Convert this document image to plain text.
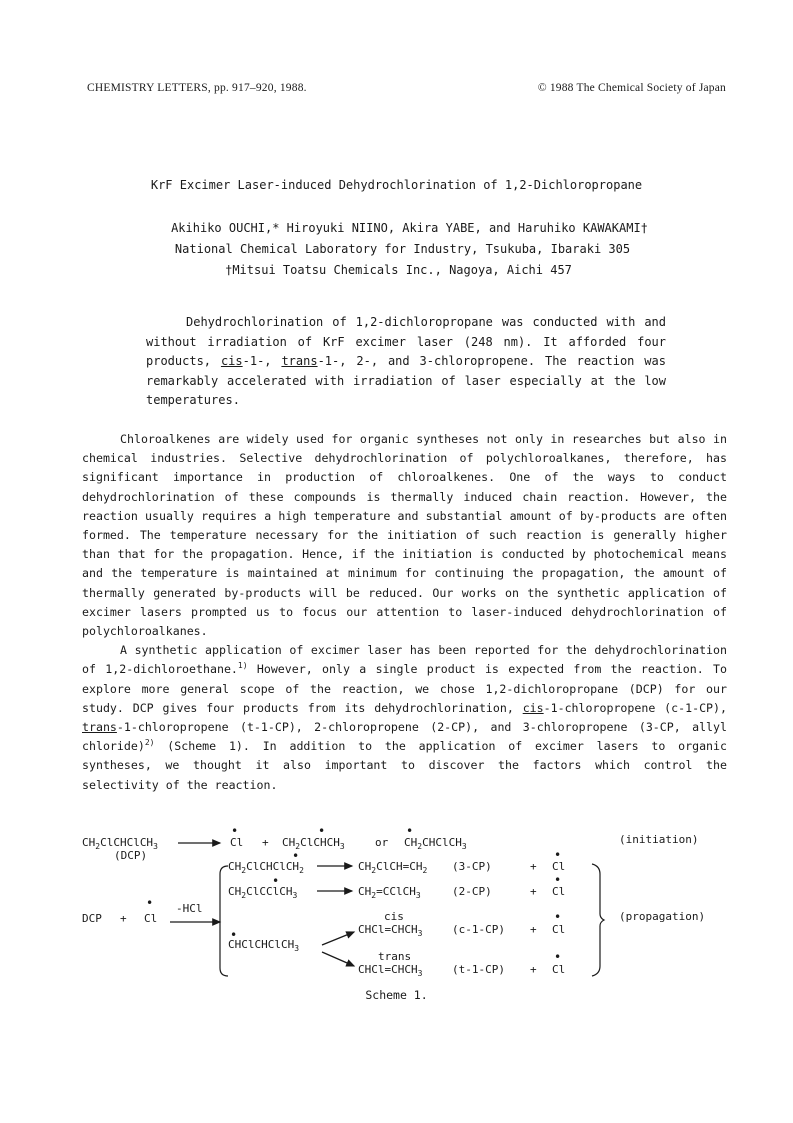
CHEMISTRY LETTERS, pp. 917–920, 1988.	© 1988 The Chemical Society of Japan
KrF Excimer Laser-induced Dehydrochlorination of 1,2-Dichloropropane
Akihiko OUCHI,* Hiroyuki NIINO, Akira YABE, and Haruhiko KAWAKAMI†
National Chemical Laboratory for Industry, Tsukuba, Ibaraki 305
†Mitsui Toatsu Chemicals Inc., Nagoya, Aichi 457

Dehydrochlorination of 1,2-dichloropropane was conducted with and without irradiation of KrF excimer laser (248 nm). It afforded four products, cis-1-, trans-1-, 2-, and 3-chloropropene. The reaction was remarkably accelerated with irradiation of laser especially at the low temperatures.

Chloroalkenes are widely used for organic syntheses not only in researches but also in chemical industries. Selective dehydrochlorination of polychloroalkanes, therefore, has significant importance in production of chloroalkenes. One of the ways to conduct dehydrochlorination of these compounds is thermally induced chain reaction. However, the reaction usually requires a high temperature and substantial amount of by-products are often formed. The temperature necessary for the initiation of such reaction is generally higher than that for the propagation. Hence, if the initiation is conducted by photochemical means and the temperature is maintained at minimum for continuing the propagation, the amount of thermally generated by-products will be reduced. Our works on the synthetic application of excimer lasers prompted us to focus our attention to laser-induced dehydrochlorination of polychloroalkanes.

A synthetic application of excimer laser has been reported for the dehydrochlorination of 1,2-dichloroethane.$^{1)}$ However, only a single product is expected from the reaction. To explore more general scope of the reaction, we chose 1,2-dichloropropane (DCP) for our study. DCP gives four products from its dehydrochlorination, cis-1-chloropropene (c-1-CP), trans-1-chloropropene (t-1-CP), 2-chloropropene (2-CP), and 3-chloropropene (3-CP, allyl chloride)$^{2)}$ (Scheme 1). In addition to the application of excimer lasers to organic syntheses, we thought it also important to discover the factors which control the selectivity of the reaction.

$CH_2ClCHClCH_3$
(DCP)
•
Cl +
•
$CH_2ClCHCH_3$	or
•
$CH_2CHClCH_3$
(initiation)
•
$CH_2ClCHClCH_2$	$CH_2ClCH=CH_2$ (3-CP)	+
•
Cl
•
$CH_2ClCClCH_3$	$CH_2=CClCH_3$	(2-CP)	+
•
Cl
DCP +
•
Cl
-HCl
(propagation)
cis
$CHCl=CHCH_3$	(c-1-CP) +
•
Cl
•
CHClCHClCH$_3$
trans
$CHCl=CHCH_3$	(t-1-CP) +
•
Cl
Scheme 1.
